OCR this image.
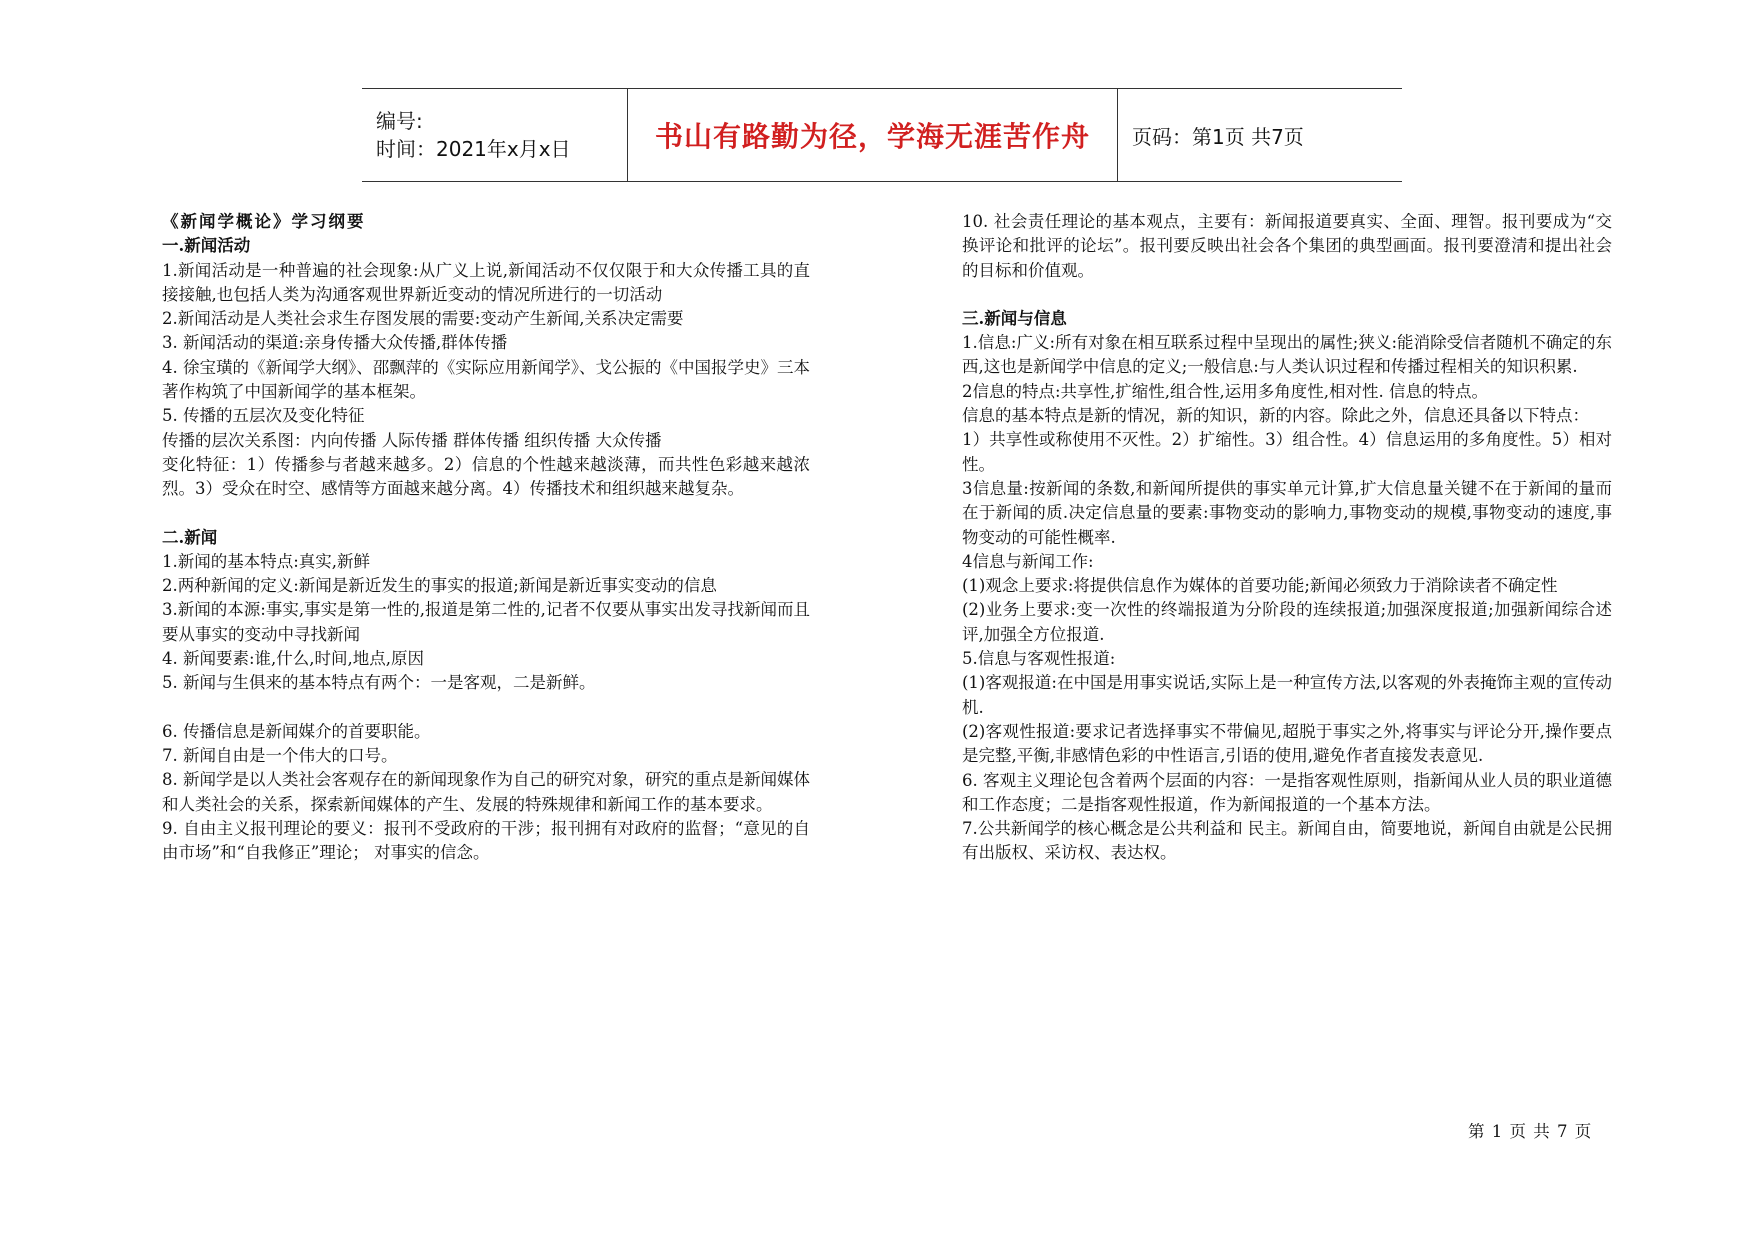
编号:
时间：2021年x月x日	书山有路勤为径，学海无涯苦作舟 页码：第1页 共7页

《新闻学概论》学习纲要

一.新闻活动

1.新闻活动是一种普遍的社会现象:从广义上说,新闻活动不仅仅限于和大众传播工具的直接接触,也包括人类为沟通客观世界新近变动的情况所进行的一切活动

2.新闻活动是人类社会求生存图发展的需要:变动产生新闻,关系决定需要

3. 新闻活动的渠道:亲身传播大众传播,群体传播

4. 徐宝璜的《新闻学大纲》、邵飘萍的《实际应用新闻学》、戈公振的《中国报学史》三本著作构筑了中国新闻学的基本框架。

5. 传播的五层次及变化特征

传播的层次关系图：内向传播 人际传播 群体传播 组织传播 大众传播

变化特征：1）传播参与者越来越多。2）信息的个性越来越淡薄，而共性色彩越来越浓烈。3）受众在时空、感情等方面越来越分离。4）传播技术和组织越来越复杂。

二.新闻

1.新闻的基本特点:真实,新鲜

2.两种新闻的定义:新闻是新近发生的事实的报道;新闻是新近事实变动的信息

3.新闻的本源:事实,事实是第一性的,报道是第二性的,记者不仅要从事实出发寻找新闻而且要从事实的变动中寻找新闻

4. 新闻要素:谁,什么,时间,地点,原因

5. 新闻与生俱来的基本特点有两个：一是客观，二是新鲜。

6. 传播信息是新闻媒介的首要职能。

7. 新闻自由是一个伟大的口号。

8. 新闻学是以人类社会客观存在的新闻现象作为自己的研究对象，研究的重点是新闻媒体和人类社会的关系，探索新闻媒体的产生、发展的特殊规律和新闻工作的基本要求。

9. 自由主义报刊理论的要义：报刊不受政府的干涉；报刊拥有对政府的监督；“意见的自由市场”和“自我修正”理论； 对事实的信念。

10. 社会责任理论的基本观点，主要有：新闻报道要真实、全面、理智。报刊要成为“交换评论和批评的论坛”。报刊要反映出社会各个集团的典型画面。报刊要澄清和提出社会的目标和价值观。

三.新闻与信息

1.信息:广义:所有对象在相互联系过程中呈现出的属性;狭义:能消除受信者随机不确定的东西,这也是新闻学中信息的定义;一般信息:与人类认识过程和传播过程相关的知识积累.

2信息的特点:共享性,扩缩性,组合性,运用多角度性,相对性. 信息的特点。

信息的基本特点是新的情况，新的知识，新的内容。除此之外，信息还具备以下特点：

1）共享性或称使用不灭性。2）扩缩性。3）组合性。4）信息运用的多角度性。5）相对性。

3信息量:按新闻的条数,和新闻所提供的事实单元计算,扩大信息量关键不在于新闻的量而在于新闻的质.决定信息量的要素:事物变动的影响力,事物变动的规模,事物变动的速度,事物变动的可能性概率.

4信息与新闻工作:

(1)观念上要求:将提供信息作为媒体的首要功能;新闻必须致力于消除读者不确定性

(2)业务上要求:变一次性的终端报道为分阶段的连续报道;加强深度报道;加强新闻综合述评,加强全方位报道.

5.信息与客观性报道:

(1)客观报道:在中国是用事实说话,实际上是一种宣传方法,以客观的外表掩饰主观的宣传动机.

(2)客观性报道:要求记者选择事实不带偏见,超脱于事实之外,将事实与评论分开,操作要点是完整,平衡,非感情色彩的中性语言,引语的使用,避免作者直接发表意见.

6. 客观主义理论包含着两个层面的内容：一是指客观性原则，指新闻从业人员的职业道德和工作态度；二是指客观性报道，作为新闻报道的一个基本方法。

7.公共新闻学的核心概念是公共利益和 民主。新闻自由，简要地说，新闻自由就是公民拥有出版权、采访权、表达权。

第 1 页 共 7 页
